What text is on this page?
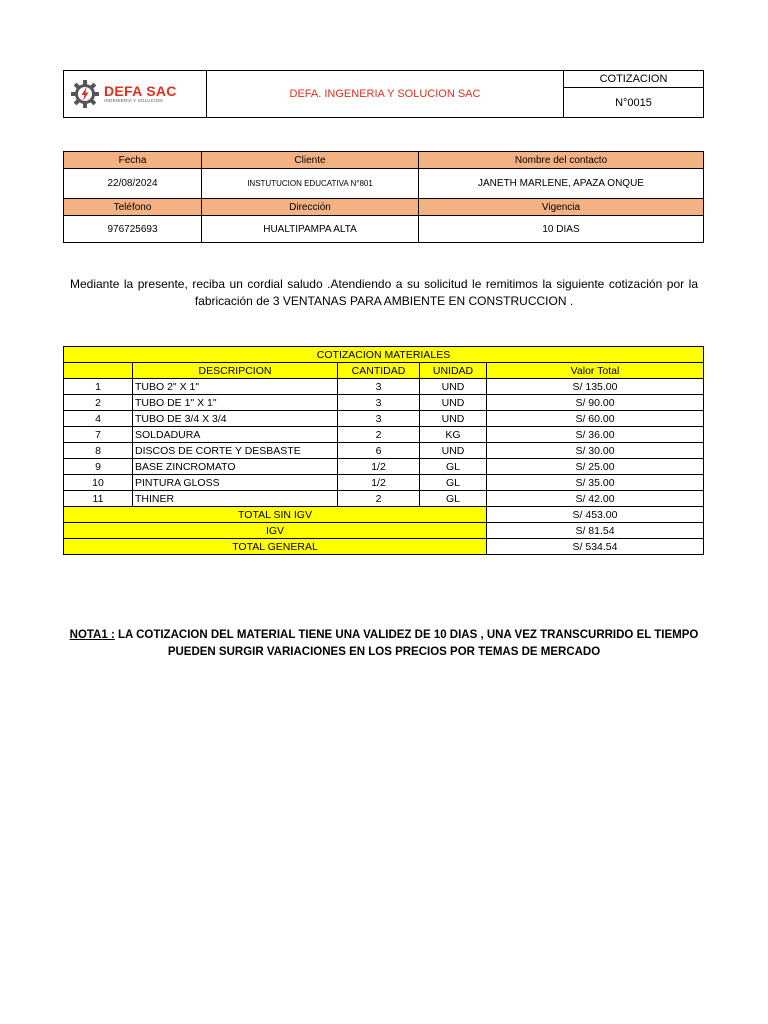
DEFA SAC
INGENIERIA Y SOLUCION
	DEFA. INGENERIA Y SOLUCION SAC	COTIZACION
N°0015
Fecha	Cliente	Nombre del contacto
22/08/2024	INSTUTUCION EDUCATIVA N°801	JANETH MARLENE, APAZA ONQUE
Teléfono	Dirección	Vigencia
976725693	HUALTIPAMPA ALTA	10 DIAS
Mediante la presente, reciba un cordial saludo .Atendiendo a su solicitud le remitimos la siguiente cotización por la fabricación de 3 VENTANAS PARA AMBIENTE EN CONSTRUCCION .
COTIZACION MATERIALES				
	DESCRIPCION	CANTIDAD	UNIDAD	Valor Total
1	TUBO 2" X 1"	3	UND	S/ 135.00
2	TUBO DE 1" X 1"	3	UND	S/ 90.00
4	TUBO DE 3/4 X 3/4	3	UND	S/ 60.00
7	SOLDADURA	2	KG	S/ 36.00
8	DISCOS DE CORTE Y DESBASTE	6	UND	S/ 30.00
9	BASE ZINCROMATO	1/2	GL	S/ 25.00
10	PINTURA GLOSS	1/2	GL	S/ 35.00
11	THINER	2	GL	S/ 42.00
TOTAL SIN IGV				S/ 453.00
IGV				S/ 81.54
TOTAL GENERAL				S/ 534.54
NOTA1 : LA COTIZACION DEL MATERIAL TIENE UNA VALIDEZ DE 10 DIAS , UNA VEZ TRANSCURRIDO EL TIEMPO PUEDEN SURGIR VARIACIONES EN LOS PRECIOS POR TEMAS DE MERCADO
